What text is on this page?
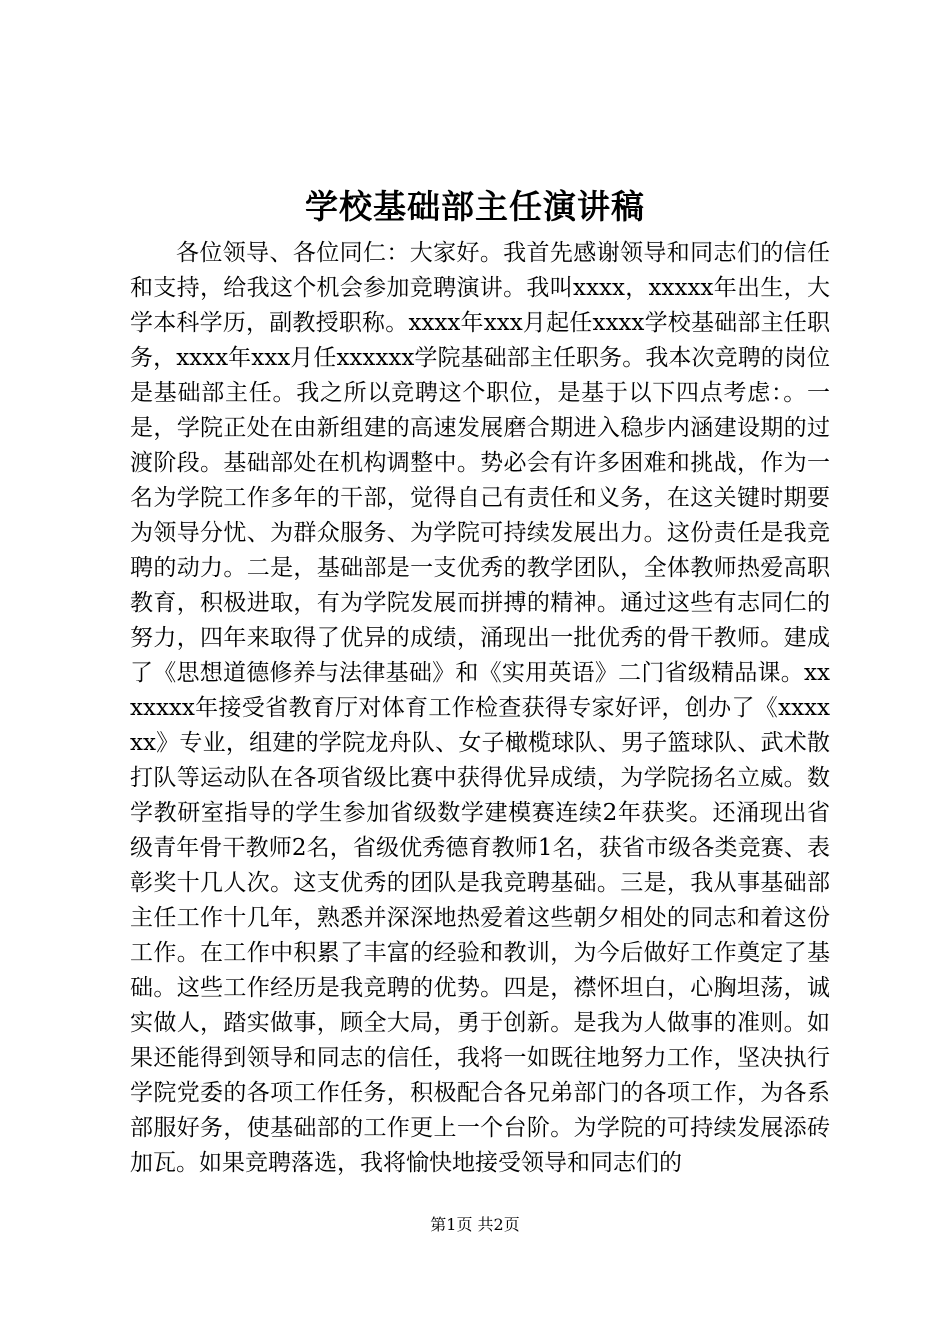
学校基础部主任演讲稿

各位领导、各位同仁：大家好。我首先感谢领导和同志们的信任和支持，给我这个机会参加竞聘演讲。我叫xxxx，xxxxx年出生，大学本科学历，副教授职称。xxxx年xxx月起任xxxx学校基础部主任职务，xxxx年xxx月任xxxxxx学院基础部主任职务。我本次竞聘的岗位是基础部主任。我之所以竞聘这个职位，是基于以下四点考虑：。一是，学院正处在由新组建的高速发展磨合期进入稳步内涵建设期的过渡阶段。基础部处在机构调整中。势必会有许多困难和挑战，作为一名为学院工作多年的干部，觉得自己有责任和义务，在这关键时期要为领导分忧、为群众服务、为学院可持续发展出力。这份责任是我竞聘的动力。二是，基础部是一支优秀的教学团队，全体教师热爱高职教育，积极进取，有为学院发展而拼搏的精神。通过这些有志同仁的努力，四年来取得了优异的成绩，涌现出一批优秀的骨干教师。建成了《思想道德修养与法律基础》和《实用英语》二门省级精品课。xxxxxxx年接受省教育厅对体育工作检查获得专家好评，创办了《xxxxxx》专业，组建的学院龙舟队、女子橄榄球队、男子篮球队、武术散打队等运动队在各项省级比赛中获得优异成绩，为学院扬名立威。数学教研室指导的学生参加省级数学建模赛连续2年获奖。还涌现出省级青年骨干教师2名，省级优秀德育教师1名，获省市级各类竞赛、表彰奖十几人次。这支优秀的团队是我竞聘基础。三是，我从事基础部主任工作十几年，熟悉并深深地热爱着这些朝夕相处的同志和着这份工作。在工作中积累了丰富的经验和教训，为今后做好工作奠定了基础。这些工作经历是我竞聘的优势。四是，襟怀坦白，心胸坦荡，诚实做人，踏实做事，顾全大局，勇于创新。是我为人做事的准则。如果还能得到领导和同志的信任，我将一如既往地努力工作，坚决执行学院党委的各项工作任务，积极配合各兄弟部门的各项工作，为各系部服好务，使基础部的工作更上一个台阶。为学院的可持续发展添砖加瓦。如果竞聘落选，我将愉快地接受领导和同志们的

第1页 共2页
